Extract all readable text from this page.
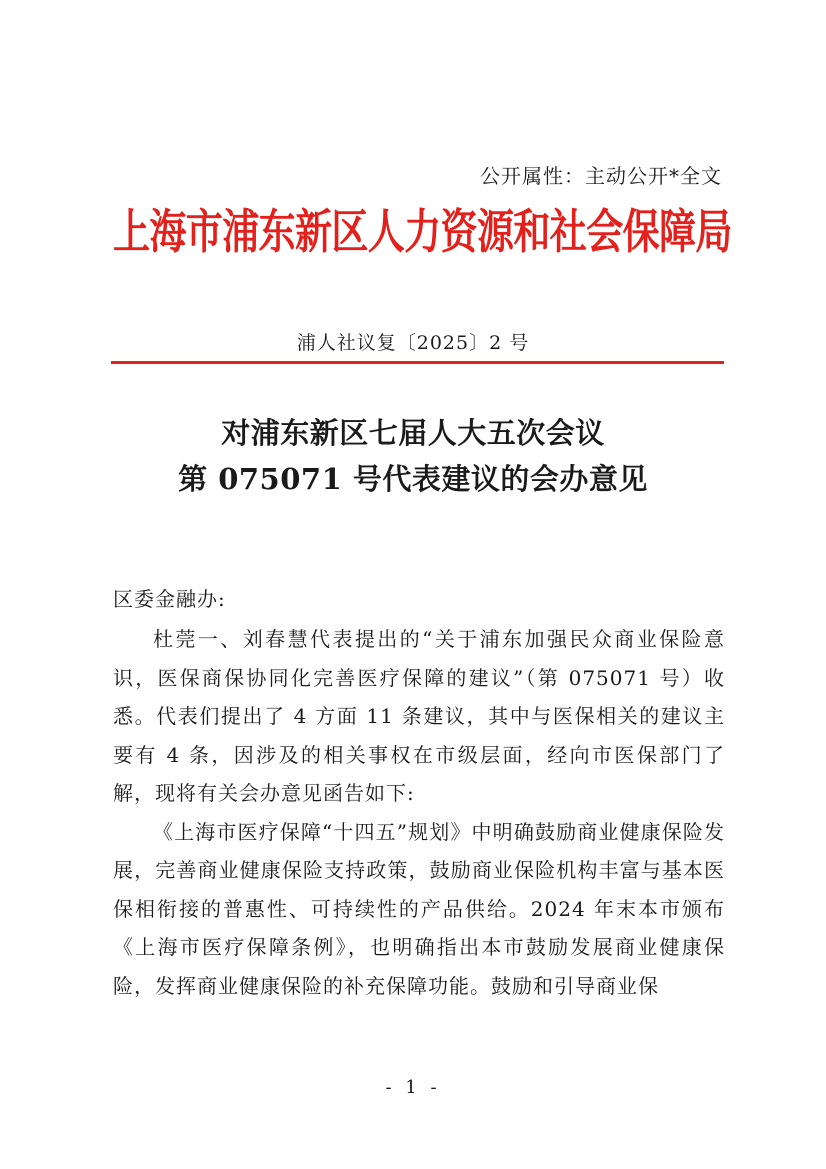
公开属性：主动公开*全文
上海市浦东新区人力资源和社会保障局
浦人社议复〔2025〕2 号
对浦东新区七届人大五次会议
第 075071 号代表建议的会办意见
区委金融办:

杜莞一、刘春慧代表提出的“关于浦东加强民众商业保险意识，医保商保协同化完善医疗保障的建议”（第 075071 号）收悉。代表们提出了 4 方面 11 条建议，其中与医保相关的建议主要有 4 条，因涉及的相关事权在市级层面，经向市医保部门了解，现将有关会办意见函告如下:

《上海市医疗保障“十四五”规划》中明确鼓励商业健康保险发展，完善商业健康保险支持政策，鼓励商业保险机构丰富与基本医保相衔接的普惠性、可持续性的产品供给。2024 年末本市颁布《上海市医疗保障条例》，也明确指出本市鼓励发展商业健康保险，发挥商业健康保险的补充保障功能。鼓励和引导商业保

- 1 -
